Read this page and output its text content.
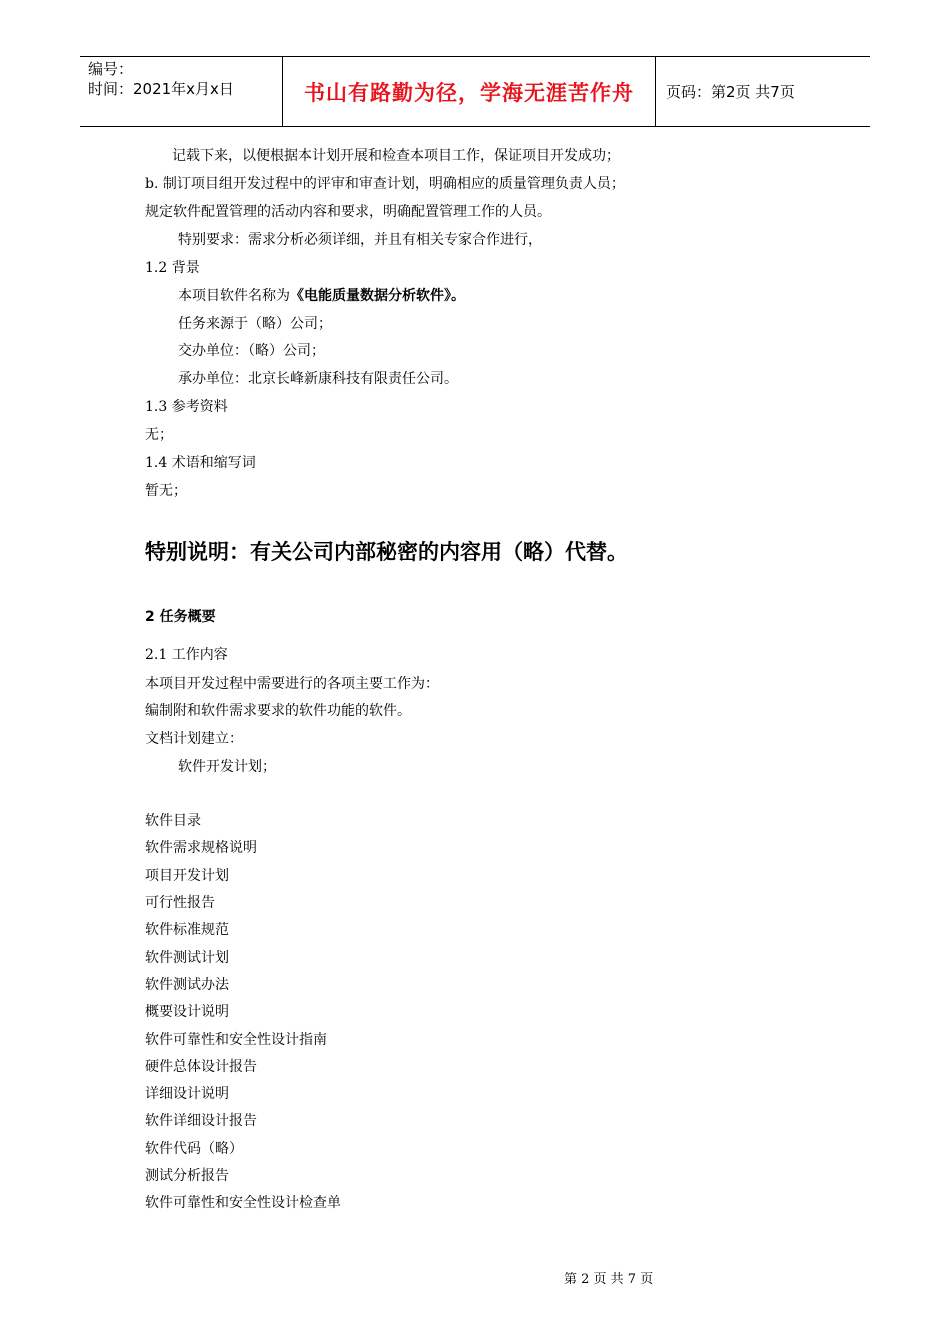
编号：
时间：2021年x月x日	书山有路勤为径，学海无涯苦作舟	页码：第2页 共7页
记载下来，以便根据本计划开展和检查本项目工作，保证项目开发成功；
b. 制订项目组开发过程中的评审和审查计划，明确相应的质量管理负责人员；
规定软件配置管理的活动内容和要求，明确配置管理工作的人员。
特别要求：需求分析必须详细，并且有相关专家合作进行，
1.2 背景
本项目软件名称为《电能质量数据分析软件》。
任务来源于（略）公司；
交办单位：（略）公司；
承办单位：北京长峰新康科技有限责任公司。
1.3 参考资料
无；
1.4 术语和缩写词
暂无；
特别说明：有关公司内部秘密的内容用（略）代替。
2 任务概要
2.1 工作内容
本项目开发过程中需要进行的各项主要工作为：
编制附和软件需求要求的软件功能的软件。
文档计划建立：
软件开发计划；
软件目录
软件需求规格说明
项目开发计划
可行性报告
软件标准规范
软件测试计划
软件测试办法
概要设计说明
软件可靠性和安全性设计指南
硬件总体设计报告
详细设计说明
软件详细设计报告
软件代码（略）
测试分析报告
软件可靠性和安全性设计检查单
第 2 页 共 7 页
